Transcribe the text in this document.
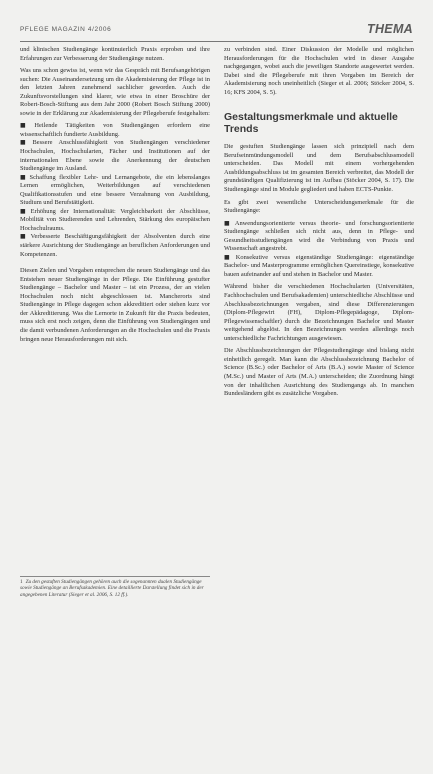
PFLEGE MAGAZIN 4/2006	THEMA

und klinischen Studiengänge kontinuierlich Praxis erproben und ihre Erfahrungen zur Verbesserung der Studiengänge nutzen.

Was uns schon gewiss ist, wenn wir das Gespräch mit Berufsangehörigen suchen: Die Auseinandersetzung um die Akademisierung der Pflege ist in den letzten Jahren zunehmend sachlicher geworden. Auch die Zukunftsvorstellungen sind klarer, wie etwa in einer Broschüre der Robert-Bosch-Stiftung aus dem Jahr 2000 (Robert Bosch Stiftung 2000) sowie in der Erklärung zur Akademisierung der Pflegeberufe festgehalten:

■ Heilende Tätigkeiten von Studiengängen erfordern eine wissenschaftlich fundierte Ausbildung.
■ Bessere Anschlussfähigkeit von Studiengängen verschiedener Hochschulen, Hochschularten, Fächer und Institutionen auf der internationalen Ebene sowie die Anerkennung der deutschen Studiengänge im Ausland.
■ Schaffung flexibler Lehr- und Lernangebote, die ein lebenslanges Lernen ermöglichen, Weiterbildungen auf verschiedenen Qualifikationsstufen und eine bessere Verzahnung von Ausbildung, Studium und Berufstätigkeit.
■ Erhöhung der Internationalität: Vergleichbarkeit der Abschlüsse, Mobilität von Studierenden und Lehrenden, Stärkung des europäischen Hochschulraums.
■ Verbesserte Beschäftigungsfähigkeit der Absolventen durch eine stärkere Ausrichtung der Studiengänge an beruflichen Anforderungen und Kompetenzen.

Diesen Zielen und Vorgaben entsprechen die neuen Studiengänge und das Entstehen neuer Studiengänge in der Pflege. Die Einführung gestufter Studiengänge – Bachelor und Master – ist ein Prozess, der an vielen Hochschulen noch nicht abgeschlossen ist. Mancherorts sind Studiengänge in Pflege dagegen schon akkreditiert oder stehen kurz vor der Akkreditierung. Was die Lernorte in Zukunft für die Praxis bedeuten, muss sich erst noch zeigen, denn die Einführung von Studiengängen und die damit verbundenen Anforderungen an die Hochschulen und die Praxis bringen neue Herausforderungen mit sich.

zu verbinden sind. Einer Diskussion der Modelle und möglichen Herausforderungen für die Hochschulen wird in dieser Ausgabe nachgegangen, wobei auch die jeweiligen Standorte ausgewertet werden. Dabei sind die Pflegeberufe mit ihren Vorgaben im Bereich der Akademisierung noch uneinheitlich (Sieger et al. 2006; Stöcker 2004, S. 16; KFS 2004, S. 5).

Gestaltungsmerkmale und aktuelle Trends

Die gestuften Studiengänge lassen sich prinzipiell nach dem Berufseinmündungsmodell und dem Berufsabschlussmodell unterscheiden. Das Modell mit einem vorhergehenden Ausbildungsabschluss ist im gesamten Bereich verbreitet, das Modell der grundständigen Qualifizierung ist im Aufbau (Stöcker 2004, S. 17). Die Studiengänge sind in Module gegliedert und haben ECTS-Punkte.

Es gibt zwei wesentliche Unterscheidungsmerkmale für die Studiengänge:

■ Anwendungsorientierte versus theorie- und forschungsorientierte Studiengänge schließen sich nicht aus, denn in Pflege- und Gesundheitsstudiengängen wird die Verbindung von Praxis und Wissenschaft angestrebt.
■ Konsekutive versus eigenständige Studiengänge: eigenständige Bachelor- und Masterprogramme ermöglichen Quereinstiege, konsekutive bauen aufeinander auf und stehen in Bachelor und Master.

Während bisher die verschiedenen Hochschularten (Universitäten, Fachhochschulen und Berufsakademien) unterschiedliche Abschlüsse und Abschlussbezeichnungen vergaben, sind diese Differenzierungen (Diplom-Pflegewirt (FH), Diplom-Pflegepädagoge, Diplom-Pflegewissenschaftler) durch die Bezeichnungen Bachelor und Master weitgehend abgelöst. In den Bezeichnungen werden allerdings noch unterschiedliche Fachrichtungen ausgewiesen.

Die Abschlussbezeichnungen der Pflegestudiengänge sind bislang nicht einheitlich geregelt. Man kann die Abschlussbezeichnung Bachelor of Science (B.Sc.) oder Bachelor of Arts (B.A.) sowie Master of Science (M.Sc.) und Master of Arts (M.A.) unterscheiden; die Zuordnung hängt von der inhaltlichen Ausrichtung des Studiengangs ab. In manchen Bundesländern gibt es zusätzliche Vorgaben.

1 Zu den gestuften Studiengängen gehören auch die sogenannten dualen Studiengänge sowie Studiengänge an Berufsakademien. Eine detaillierte Darstellung findet sich in der angegebenen Literatur (Sieger et al. 2006, S. 12 ff.).
